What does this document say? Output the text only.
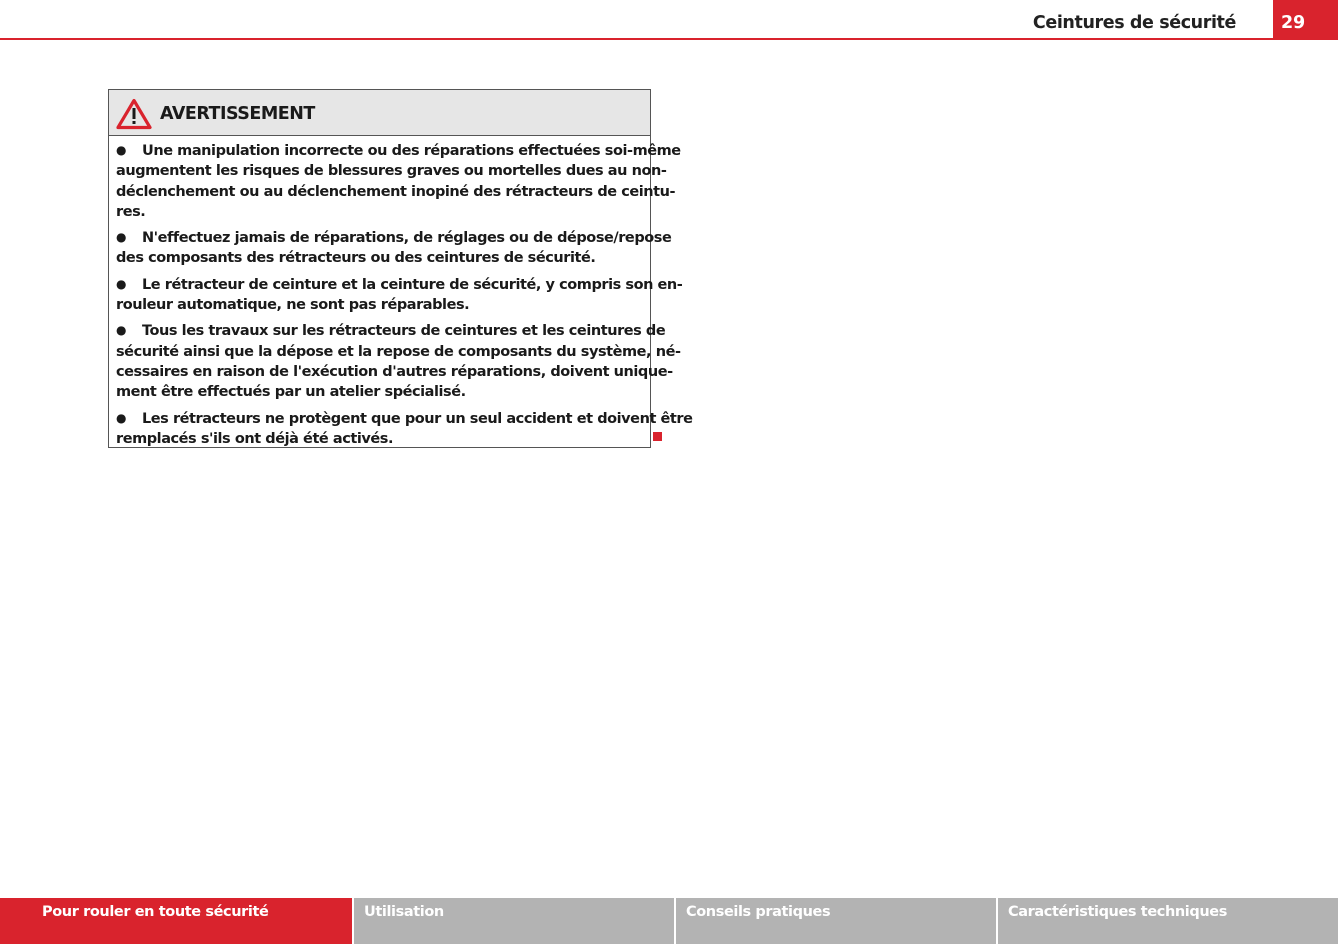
Ceintures de sécurité	29
AVERTISSEMENT
● Une manipulation incorrecte ou des réparations effectuées soi-même
augmentent les risques de blessures graves ou mortelles dues au non-
déclenchement ou au déclenchement inopiné des rétracteurs de ceintu-
res.
● N'effectuez jamais de réparations, de réglages ou de dépose/repose
des composants des rétracteurs ou des ceintures de sécurité.
● Le rétracteur de ceinture et la ceinture de sécurité, y compris son en-
rouleur automatique, ne sont pas réparables.
● Tous les travaux sur les rétracteurs de ceintures et les ceintures de
sécurité ainsi que la dépose et la repose de composants du système, né-
cessaires en raison de l'exécution d'autres réparations, doivent unique-
ment être effectués par un atelier spécialisé.
● Les rétracteurs ne protègent que pour un seul accident et doivent être
remplacés s'ils ont déjà été activés.
Pour rouler en toute sécurité	Utilisation	Conseils pratiques	Caractéristiques techniques
